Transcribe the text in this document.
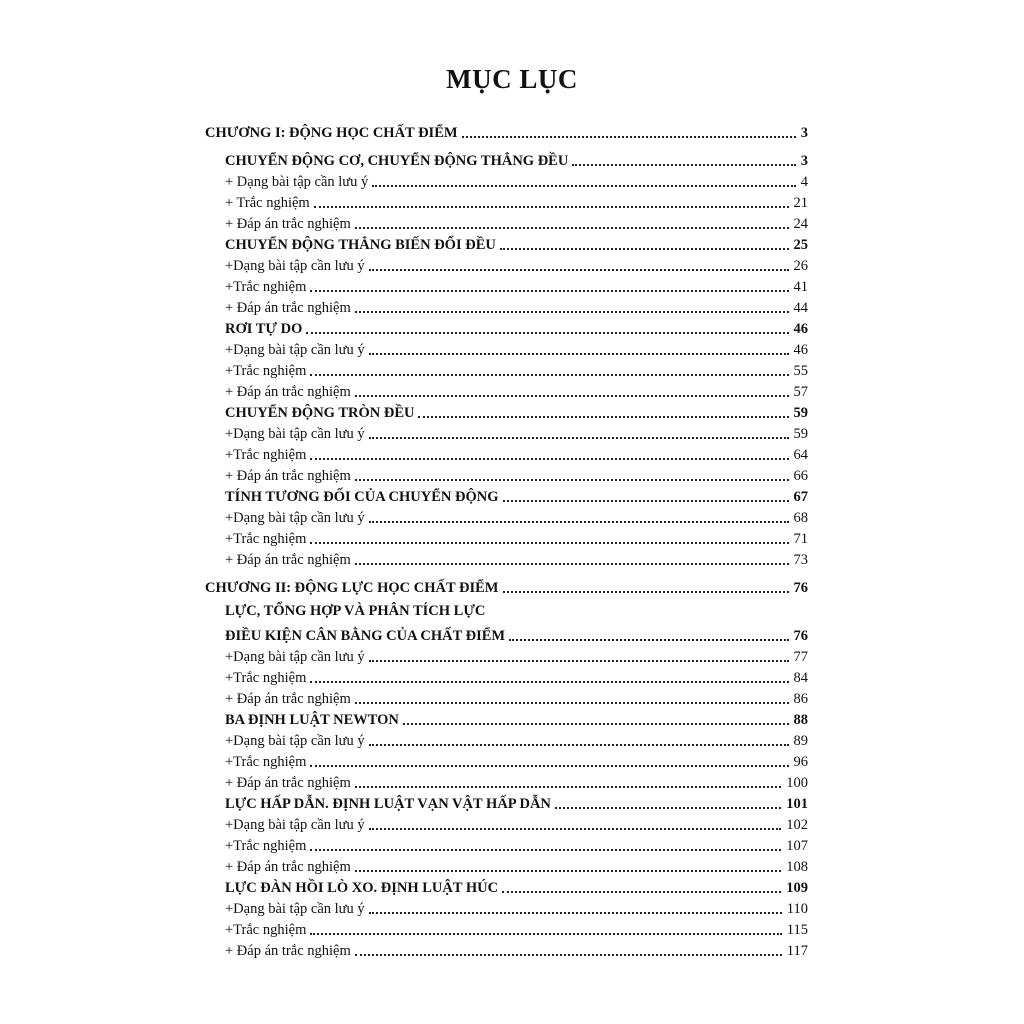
MỤC LỤC
CHƯƠNG I: ĐỘNG HỌC CHẤT ĐIỂM	3
CHUYỂN ĐỘNG CƠ, CHUYỂN ĐỘNG THẲNG ĐỀU	3
+ Dạng bài tập cần lưu ý	4
+ Trắc nghiệm	21
+ Đáp án trắc nghiệm	24
CHUYỂN ĐỘNG THẲNG BIẾN ĐỔI ĐỀU	25
+Dạng bài tập cần lưu ý	26
+Trắc nghiệm	41
+ Đáp án trắc nghiệm	44
RƠI TỰ DO	46
+Dạng bài tập cần lưu ý	46
+Trắc nghiệm	55
+ Đáp án trắc nghiệm	57
CHUYỂN ĐỘNG TRÒN ĐỀU	59
+Dạng bài tập cần lưu ý	59
+Trắc nghiệm	64
+ Đáp án trắc nghiệm	66
TÍNH TƯƠNG ĐỐI CỦA CHUYỂN ĐỘNG	67
+Dạng bài tập cần lưu ý	68
+Trắc nghiệm	71
+ Đáp án trắc nghiệm	73
CHƯƠNG II: ĐỘNG LỰC HỌC CHẤT ĐIỂM	76
LỰC, TỔNG HỢP VÀ PHÂN TÍCH LỰC
ĐIỀU KIỆN CÂN BẰNG CỦA CHẤT ĐIỂM	76
+Dạng bài tập cần lưu ý	77
+Trắc nghiệm	84
+ Đáp án trắc nghiệm	86
BA ĐỊNH LUẬT NEWTON	88
+Dạng bài tập cần lưu ý	89
+Trắc nghiệm	96
+ Đáp án trắc nghiệm	100
LỰC HẤP DẪN. ĐỊNH LUẬT VẠN VẬT HẤP DẪN	101
+Dạng bài tập cần lưu ý	102
+Trắc nghiệm	107
+ Đáp án trắc nghiệm	108
LỰC ĐÀN HỒI LÒ XO. ĐỊNH LUẬT HÚC	109
+Dạng bài tập cần lưu ý	110
+Trắc nghiệm	115
+ Đáp án trắc nghiệm	117
